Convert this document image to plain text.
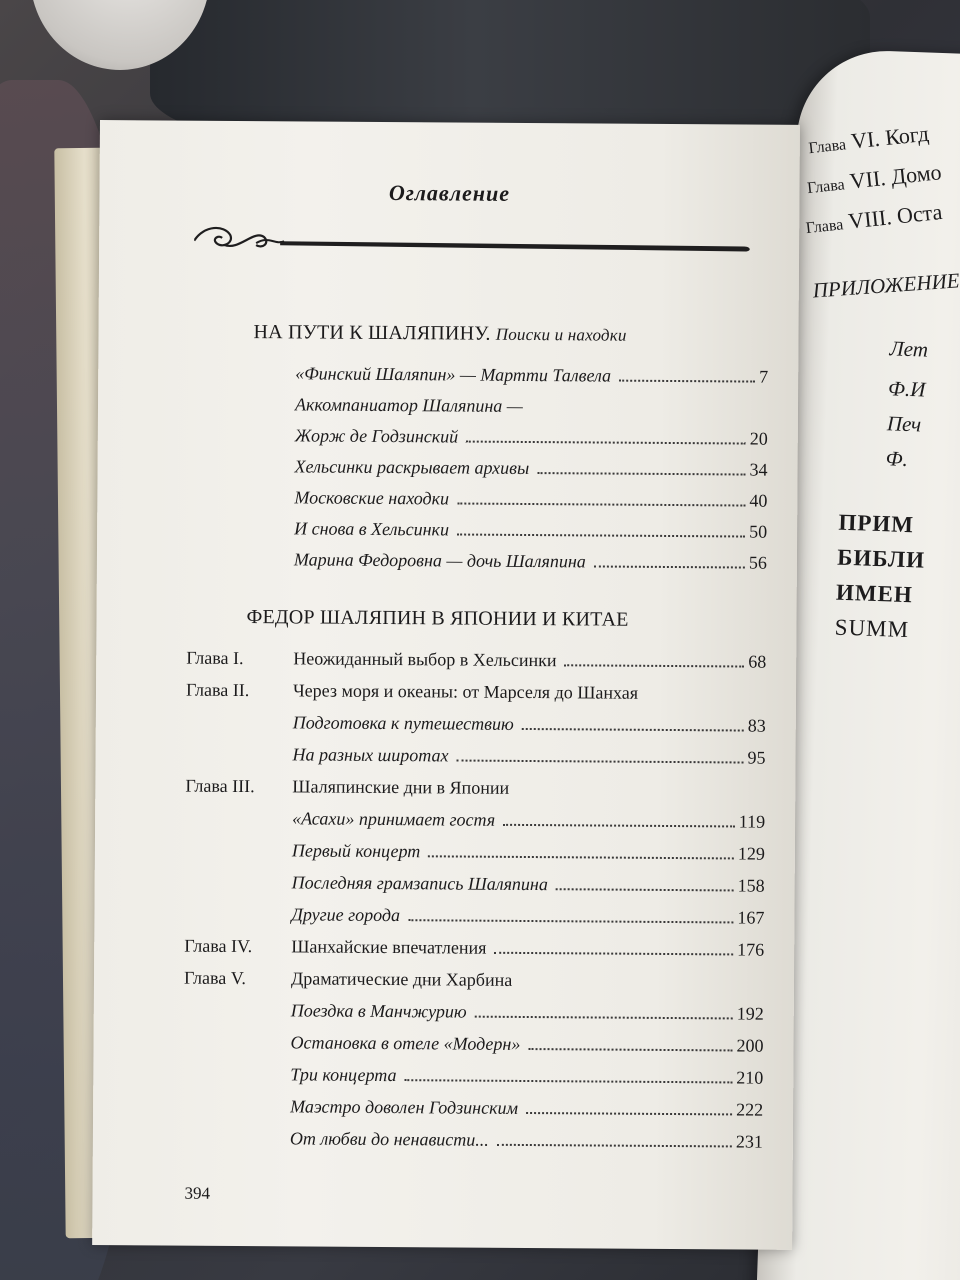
Глава VI. Когд
Глава VII. Домо
Глава VIII. Оста
ПРИЛОЖЕНИЕ
Лет
Ф.И
Печ
Ф.
ПРИМ
БИБЛИ
ИМЕН
SUMM
Оглавление
НА ПУТИ К ШАЛЯПИНУ. Поиски и находки
«Финский Шаляпин» — Мартти Талвела	7
Аккомпаниатор Шаляпина —
Жорж де Годзинский	20
Хельсинки раскрывает архивы	34
Московские находки	40
И снова в Хельсинки	50
Марина Федоровна — дочь Шаляпина	56
ФЕДОР ШАЛЯПИН В ЯПОНИИ И КИТАЕ
Глава I.	Неожиданный выбор в Хельсинки	68
Глава II. Через моря и океаны: от Марселя до Шанхая
Подготовка к путешествию	83
На разных широтах	95
Глава III. Шаляпинские дни в Японии
«Асахи» принимает гостя	119
Первый концерт	129
Последняя грамзапись Шаляпина	158
Другие города	167
Глава IV. Шанхайские впечатления	176
Глава V. Драматические дни Харбина
Поездка в Манчжурию	192
Остановка в отеле «Модерн»	200
Три концерта	210
Маэстро доволен Годзинским	222
От любви до ненависти...	231
394
